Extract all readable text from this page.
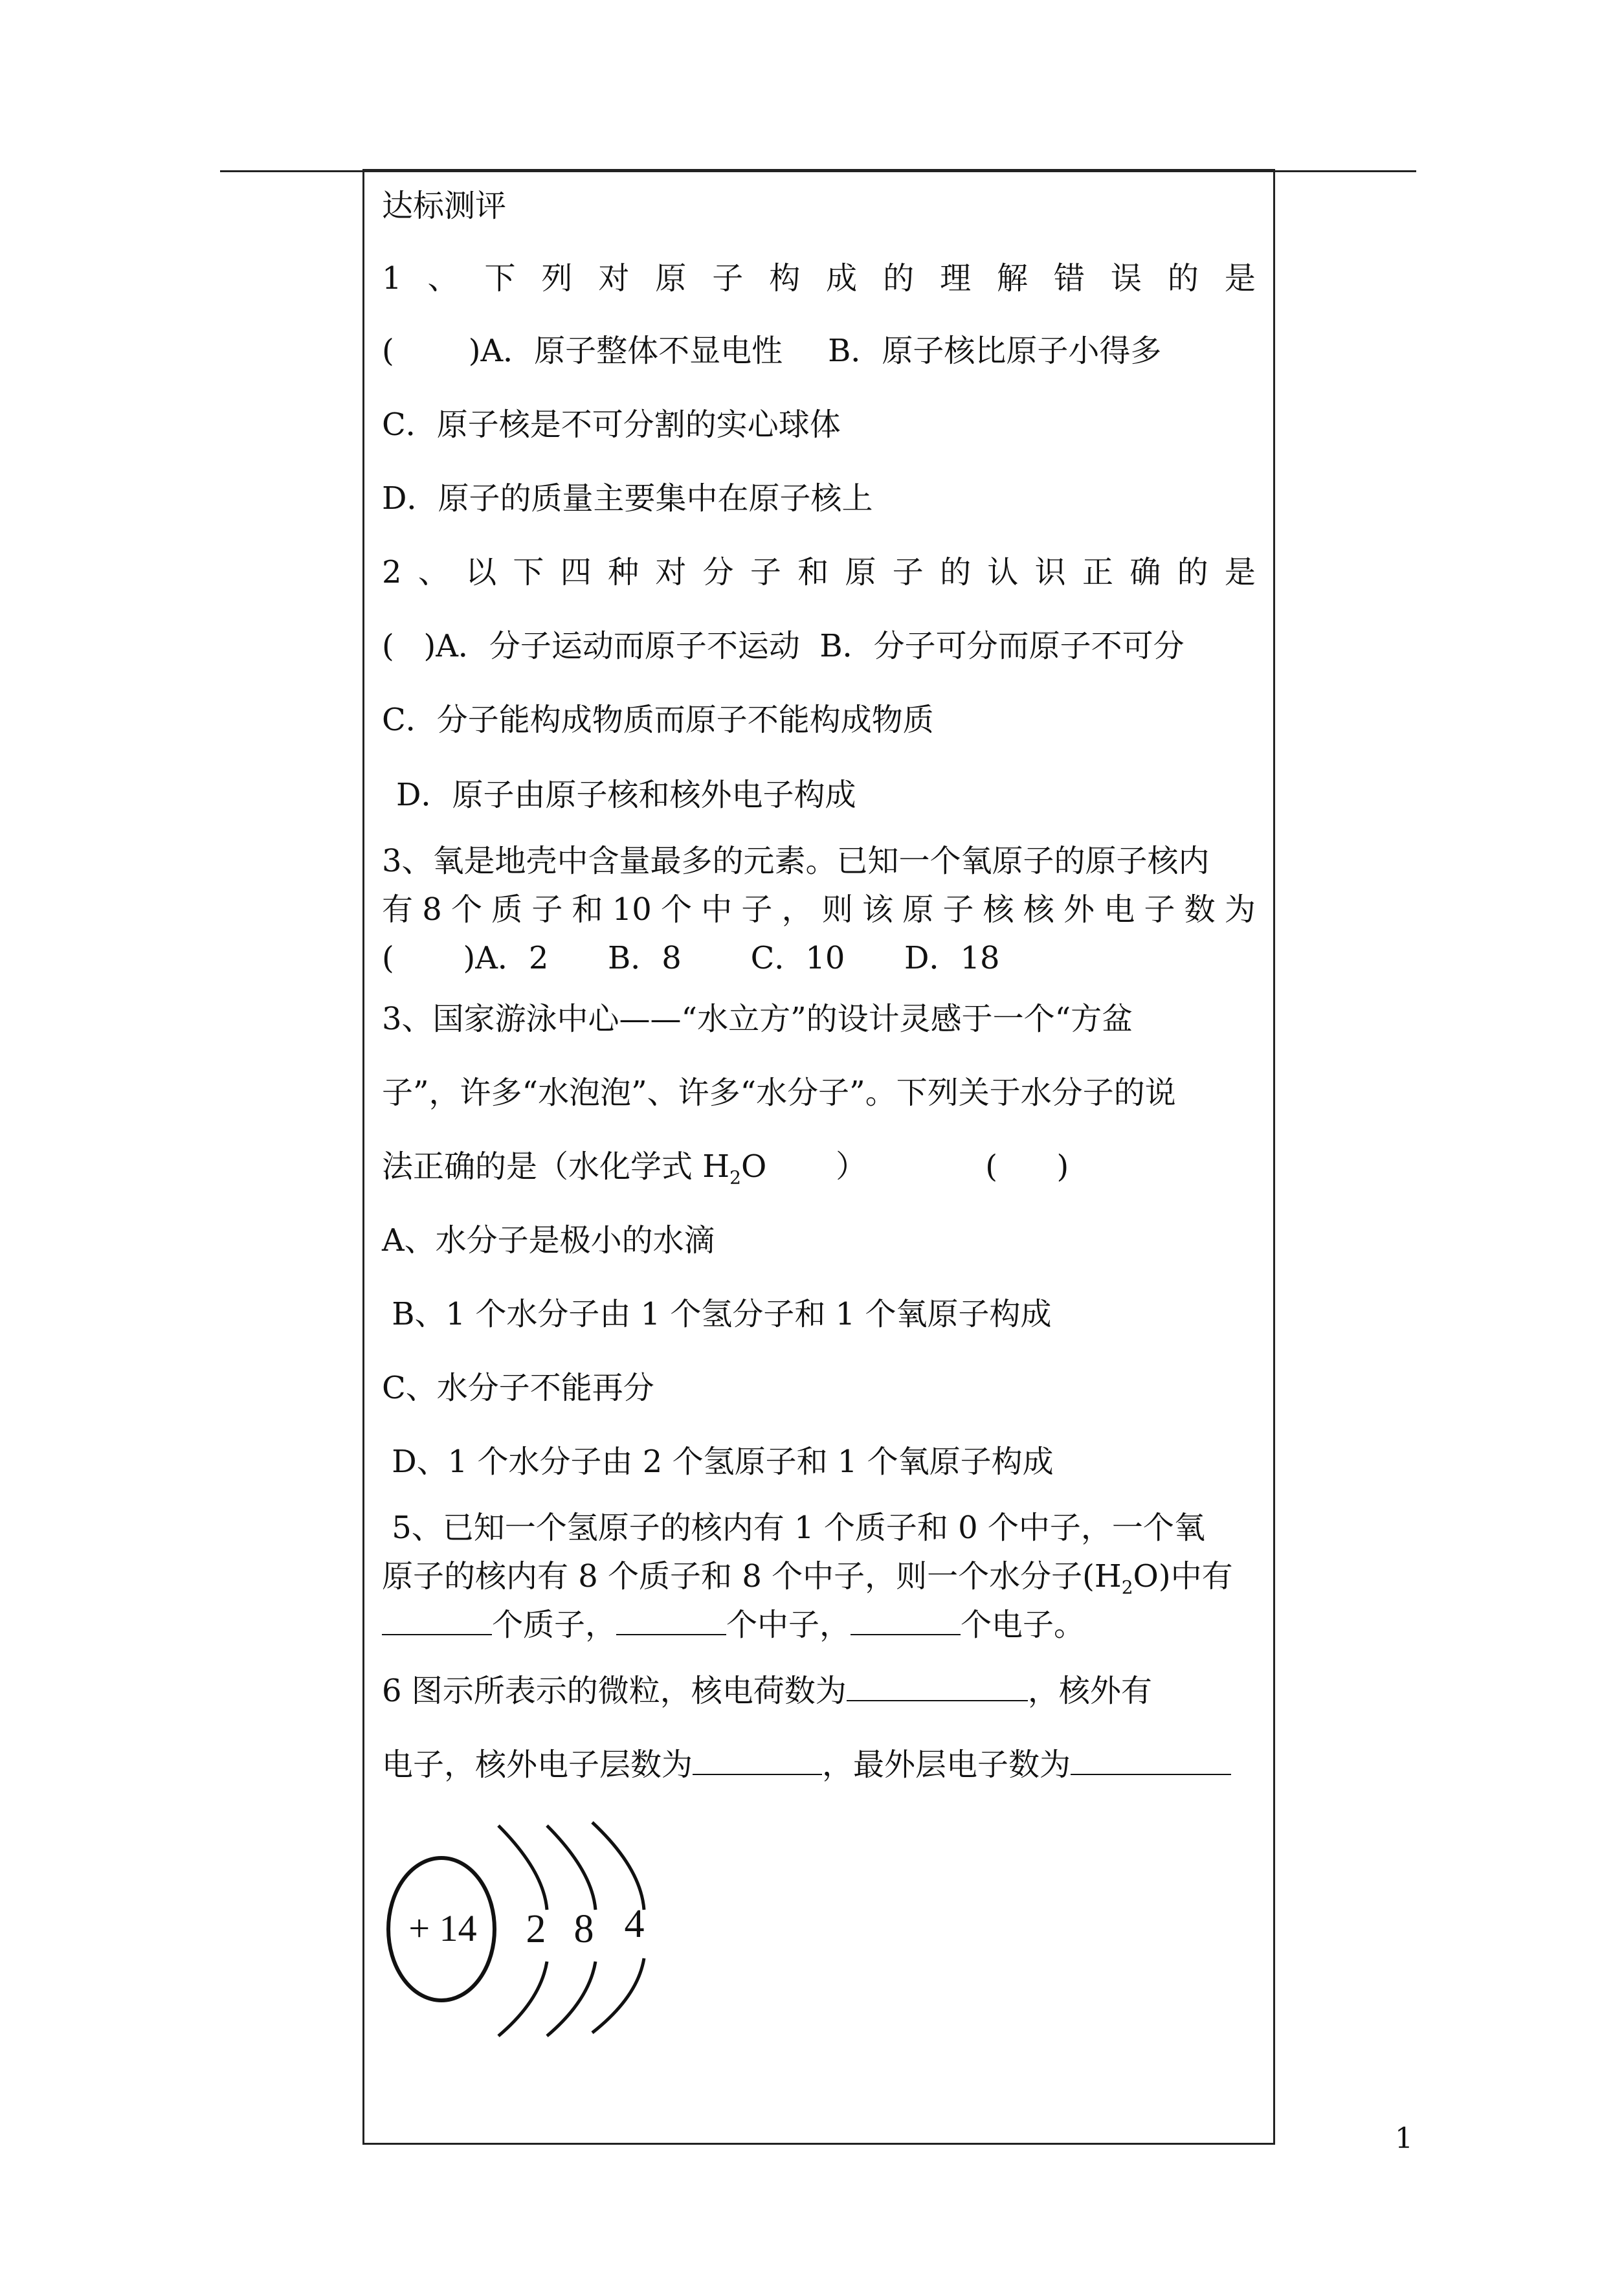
达标测评
1 、 下 列 对 原 子 构 成 的 理 解 错 误 的 是
( )A．原子整体不显电性 B．原子核比原子小得多
C．原子核是不可分割的实心球体
D．原子的质量主要集中在原子核上
2 、 以 下 四 种 对 分 子 和 原 子 的 认 识 正 确 的 是
(   )A．分子运动而原子不运动  B．分子可分而原子不可分
C．分子能构成物质而原子不能构成物质
D．原子由原子核和核外电子构成
3、氧是地壳中含量最多的元素。已知一个氧原子的原子核内
有 8 个 质 子 和 10 个 中 子 ， 则 该 原 子 核 核 外 电 子 数 为
(       )A．2      B．8       C．10      D．18
3、国家游泳中心——“水立方”的设计灵感于一个“方盆
子”，许多“水泡泡”、许多“水分子”。下列关于水分子的说
法正确的是（水化学式 $H_2O$       ）            (      )
A、水分子是极小的水滴
B、1 个水分子由 1 个氢分子和 1 个氧原子构成
C、水分子不能再分
D、1 个水分子由 2 个氢原子和 1 个氧原子构成
5、已知一个氢原子的核内有 1 个质子和 0 个中子，一个氧
原子的核内有 8 个质子和 8 个中子，则一个水分子$(H_2O)$中有
个质子，	个中子，	个电子。
6 图示所表示的微粒，核电荷数为	，核外有
电子，核外电子层数为	，最外层电子数为
+ 14 2 8 4
1
